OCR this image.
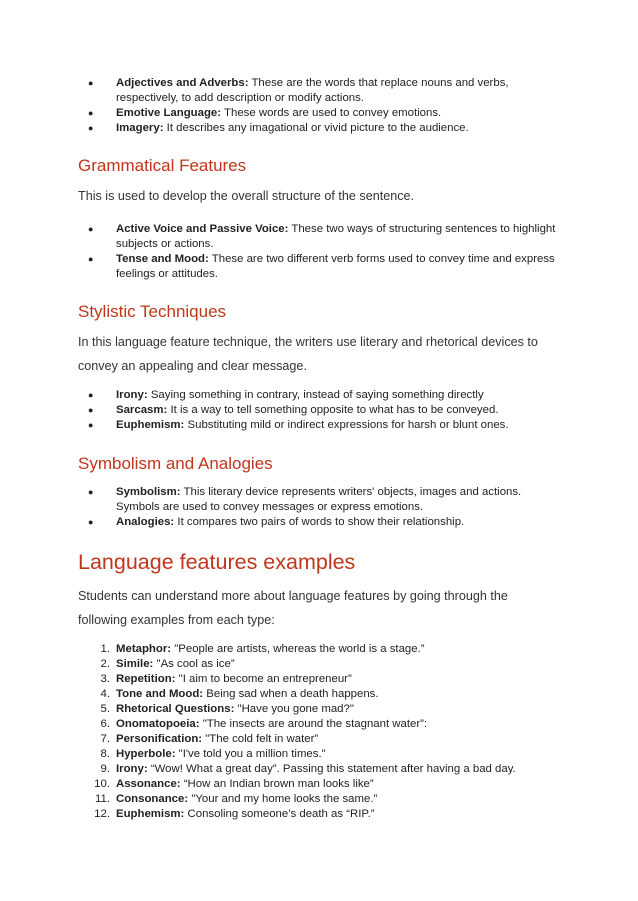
● Adjectives and Adverbs: These are the words that replace nouns and verbs, respectively, to add description or modify actions.
● Emotive Language: These words are used to convey emotions.
● Imagery: It describes any imagational or vivid picture to the audience.
Grammatical Features
This is used to develop the overall structure of the sentence.
● Active Voice and Passive Voice: These two ways of structuring sentences to highlight subjects or actions.
● Tense and Mood: These are two different verb forms used to convey time and express feelings or attitudes.
Stylistic Techniques
In this language feature technique, the writers use literary and rhetorical devices to convey an appealing and clear message.
● Irony: Saying something in contrary, instead of saying something directly
● Sarcasm: It is a way to tell something opposite to what has to be conveyed.
● Euphemism: Substituting mild or indirect expressions for harsh or blunt ones.
Symbolism and Analogies
● Symbolism: This literary device represents writers' objects, images and actions. Symbols are used to convey messages or express emotions.
● Analogies: It compares two pairs of words to show their relationship.
Language features examples
Students can understand more about language features by going through the following examples from each type:
1. Metaphor: "People are artists, whereas the world is a stage.”
2. Simile: "As cool as ice”
3. Repetition: "I aim to become an entrepreneur”
4. Tone and Mood: Being sad when a death happens.
5. Rhetorical Questions: "Have you gone mad?"
6. Onomatopoeia: "The insects are around the stagnant water”:
7. Personification: "The cold felt in water”
8. Hyperbole: "I've told you a million times."
9. Irony: “Wow! What a great day”. Passing this statement after having a bad day.
10. Assonance: “How an Indian brown man looks like”
11. Consonance: "Your and my home looks the same.”
12. Euphemism: Consoling someone’s death as “RIP.”
